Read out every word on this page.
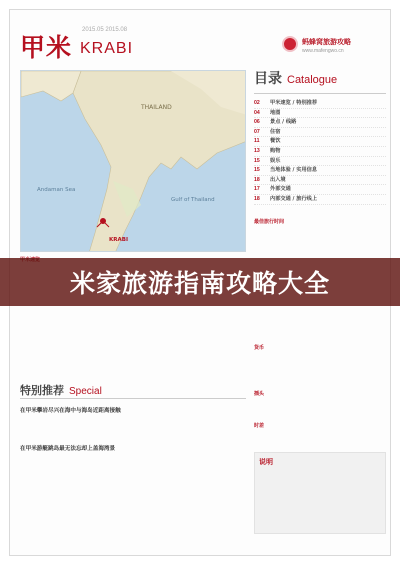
甲米
2015.05 2015.08
KRABI	蚂蜂窝旅游攻略
www.mafengwo.cn
THAILAND
Andaman Sea
Gulf of Thailand
KRABI
目录 Catalogue
02	甲米速览 / 特别推荐
04	地图
06	景点 / 线路
07	住宿
11	餐饮
13	购物
15	娱乐
15	当地体验 / 实用信息
18	出入境
17	外部交通
18	内部交通 / 旅行线上
最佳旅行时间
特别推荐 Special
在甲米攀岩尽兴在海中与海岛近距离接触
在甲米游艇跳岛最无法忘却上盖海湾景
货币
插头
时差
说明
米家旅游指南攻略大全
